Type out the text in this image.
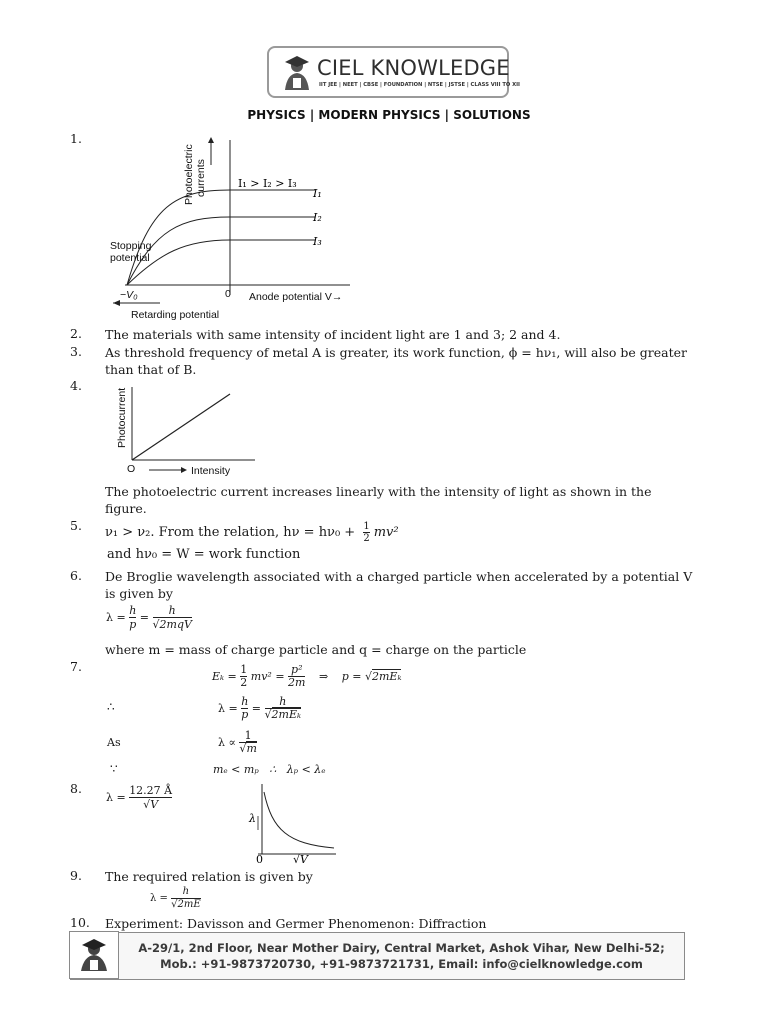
CIEL KNOWLEDGE
IIT JEE | NEET | CBSE | FOUNDATION | NTSE | JSTSE | CLASS VIII TO XII
PHYSICS | MODERN PHYSICS | SOLUTIONS
1.
Photoelectric currents	I₁ > I₂ > I₃
I₁
I₂
I₃
Stopping
potential
−V₀	0 Anode potential V→
Retarding potential
2. The materials with same intensity of incident light are 1 and 3; 2 and 4.
3. As threshold frequency of metal A is greater, its work function, ϕ = hν₁, will also be greater
than that of B.
4.
Photocurrent
O	Intensity
The photoelectric current increases linearly with the intensity of light as shown in the
figure.
5. ν₁ > ν₂. From the relation, $h\nu = h\nu_0 + \frac{1}{2} mv^2$
and hν₀ = W = work function
6. De Broglie wavelength associated with a charged particle when accelerated by a potential V
is given by
$\lambda = \frac{h}{p}$ =
h
√2mqV
where m = mass of charge particle and q = charge on the particle
7.
$E_k = \frac{1}{2} mv^2 = \frac{\text{p²}}{2m}$ ⇒ p = √2mEₖ
∴	$\lambda = \frac{h}{p}$ =
h
√2mEₖ
As	$\lambda \propto \frac{1}{√m}$
∵	mₑ < mₚ   ∴   λₚ < λₑ
8.
$\lambda = \frac{12.27 Å}{√V}$
λ
0	√V
9. The required relation is given by
$\lambda = \frac{h}{√2mE}$
10. Experiment: Davisson and Germer Phenomenon: Diffraction
A-29/1, 2nd Floor, Near Mother Dairy, Central Market, Ashok Vihar, New Delhi-52;
Mob.: +91-9873720730, +91-9873721731, Email: info@cielknowledge.com
